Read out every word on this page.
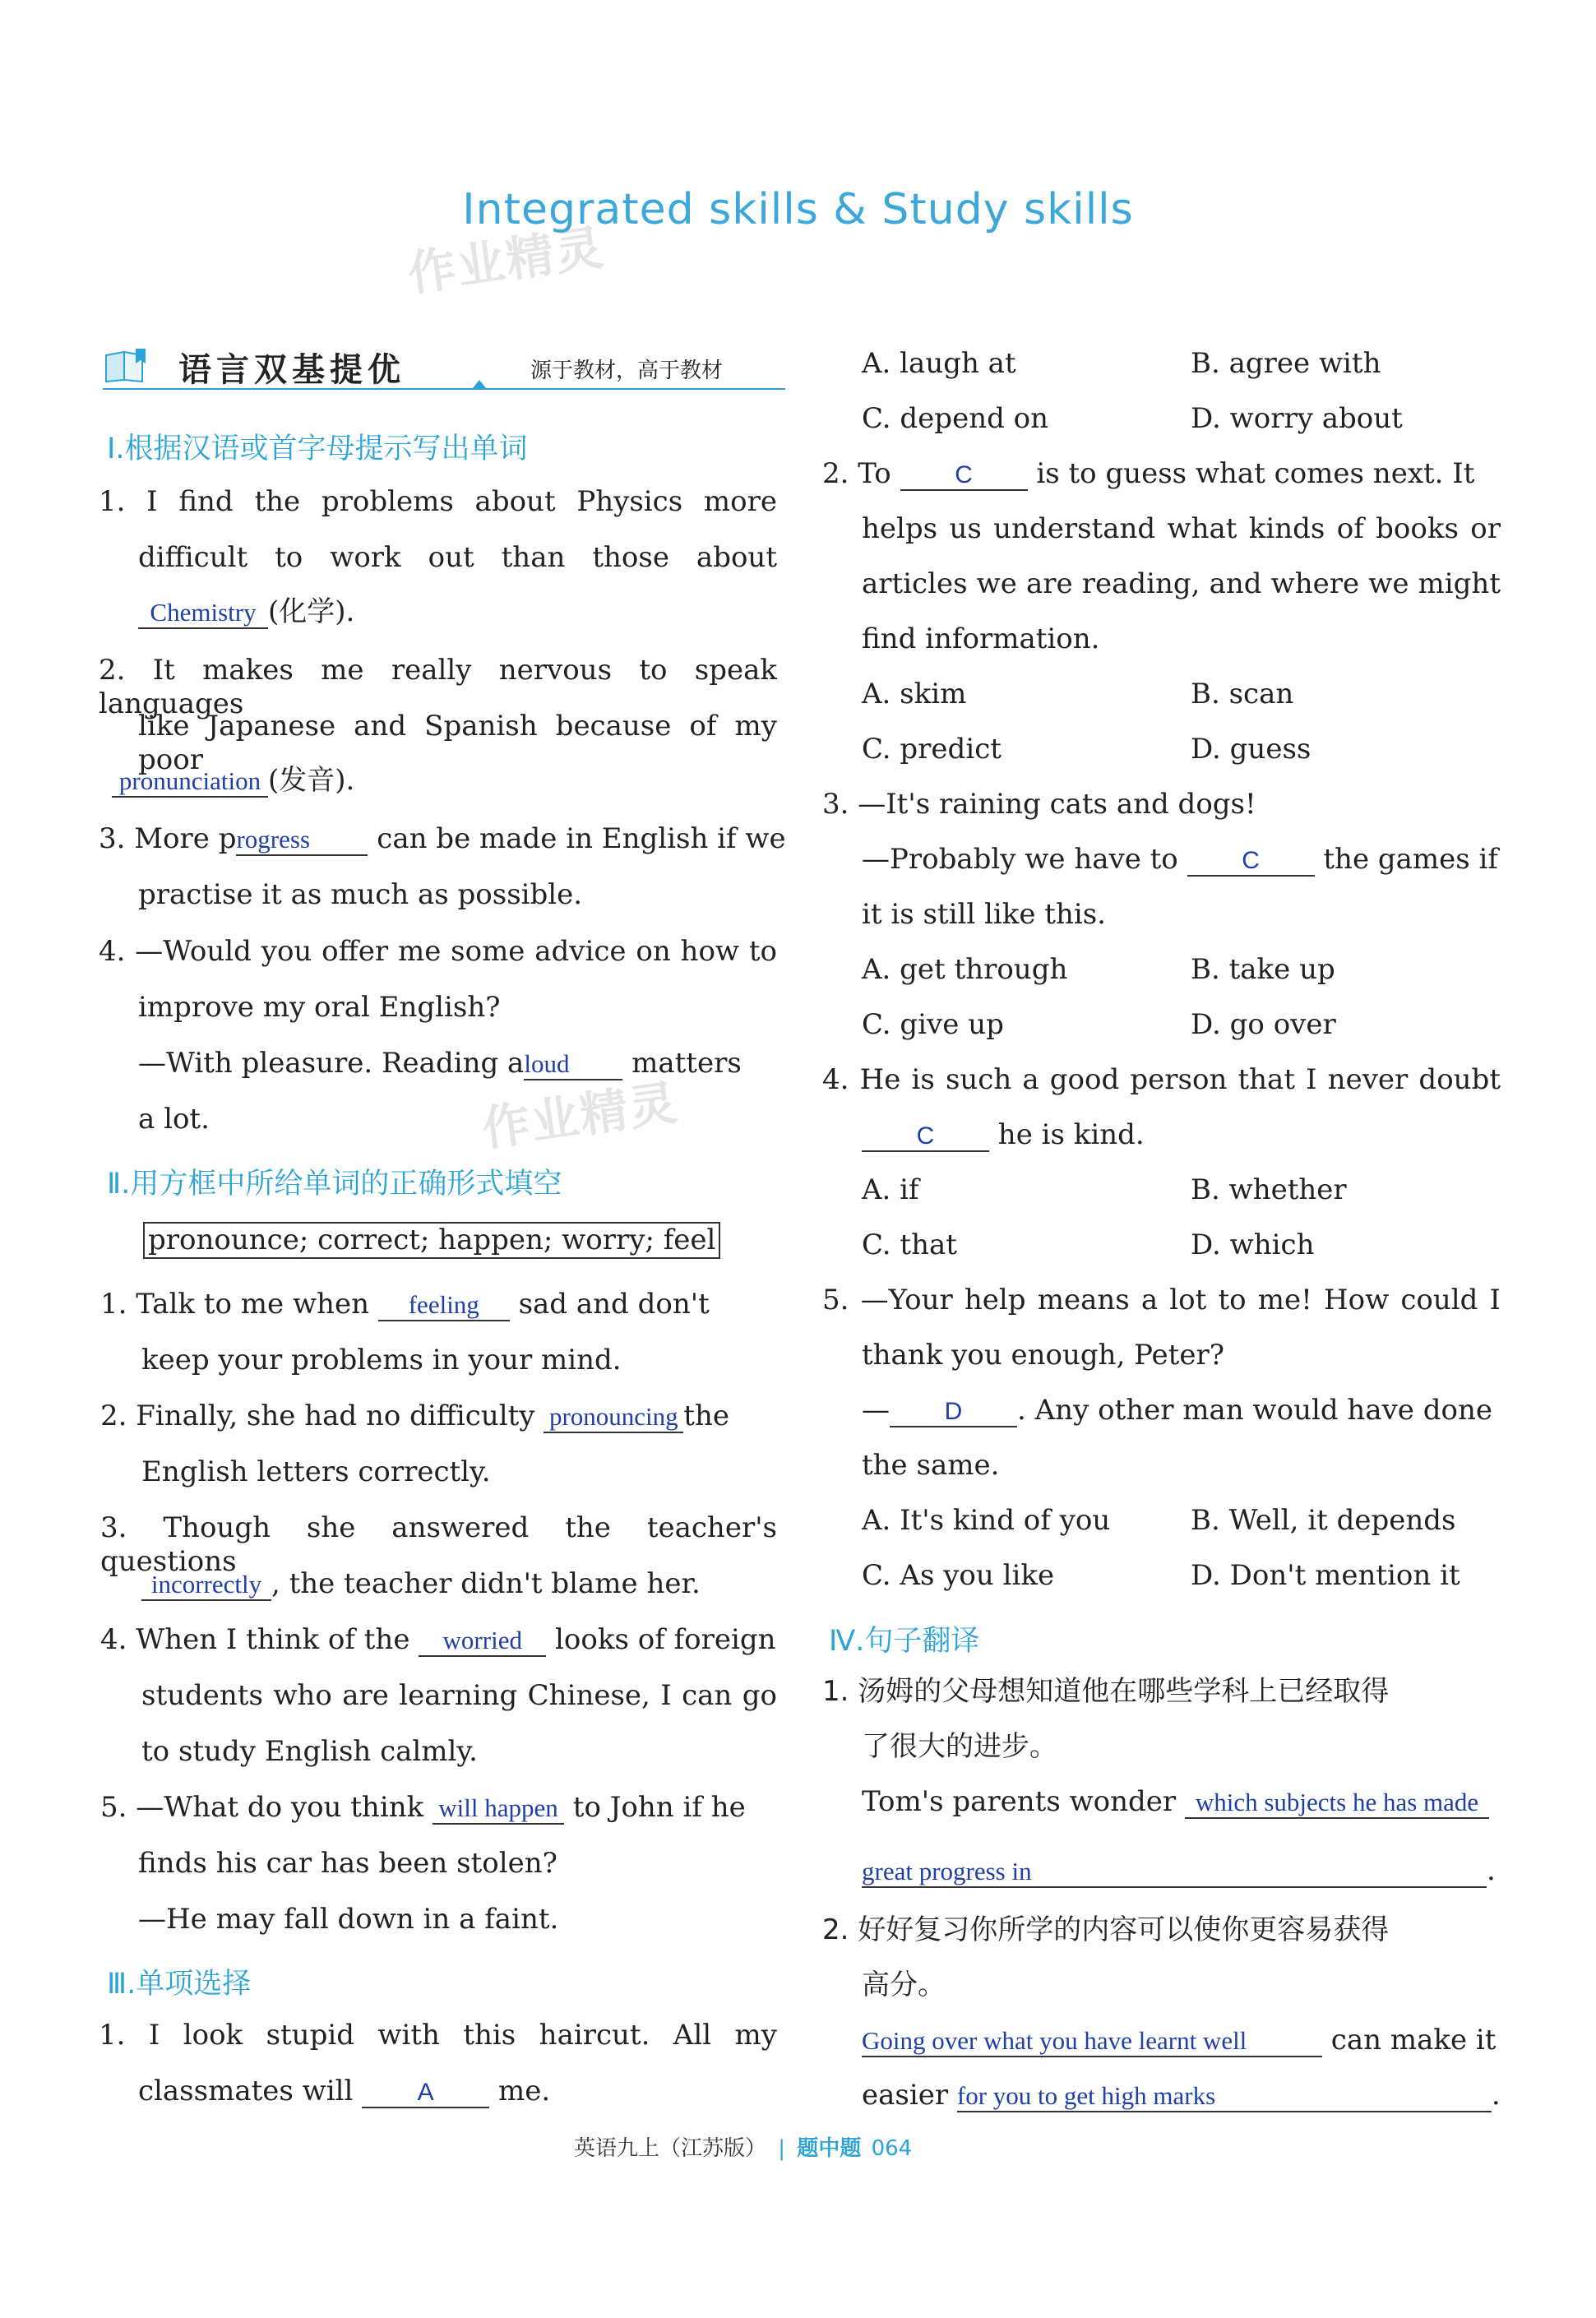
Integrated skills & Study skills
作业精灵
作业精灵
语言双基提优	源于教材，高于教材
Ⅰ.根据汉语或首字母提示写出单词
1. I find the problems about Physics more
difficult to work out than those about
Chemistry (化学).
2. It makes me really nervous to speak languages
like Japanese and Spanish because of my poor
pronunciation (发音).
3. More progress can be made in English if we
practise it as much as possible.
4. —Would you offer me some advice on how to
improve my oral English?
—With pleasure. Reading aloud matters
a lot.
Ⅱ.用方框中所给单词的正确形式填空
pronounce; correct; happen; worry; feel
1. Talk to me when feeling sad and don't
keep your problems in your mind.
2. Finally, she had no difficulty pronouncing the
English letters correctly.
3. Though she answered the teacher's questions
incorrectly , the teacher didn't blame her.
4. When I think of the worried looks of foreign
students who are learning Chinese, I can go
to study English calmly.
5. —What do you think will happen to John if he
finds his car has been stolen?
—He may fall down in a faint.
Ⅲ.单项选择
1. I look stupid with this haircut. All my
classmates will A me.
A. laugh at	B. agree with
C. depend on	D. worry about
2. To C is to guess what comes next. It
helps us understand what kinds of books or
articles we are reading, and where we might
find information.
A. skim	B. scan
C. predict	D. guess
3. —It's raining cats and dogs!
—Probably we have to C the games if
it is still like this.
A. get through	B. take up
C. give up	D. go over
4. He is such a good person that I never doubt
C he is kind.
A. if	B. whether
C. that	D. which
5. —Your help means a lot to me! How could I
thank you enough, Peter?
— D . Any other man would have done
the same.
A. It's kind of you	B. Well, it depends
C. As you like	D. Don't mention it
Ⅳ.句子翻译
1. 汤姆的父母想知道他在哪些学科上已经取得
了很大的进步。
Tom's parents wonder which subjects he has made
great progress in	.
2. 好好复习你所学的内容可以使你更容易获得
高分。
Going over what you have learnt well	can make it
easier for you to get high marks	.
英语九上（江苏版） | 题中题 064
